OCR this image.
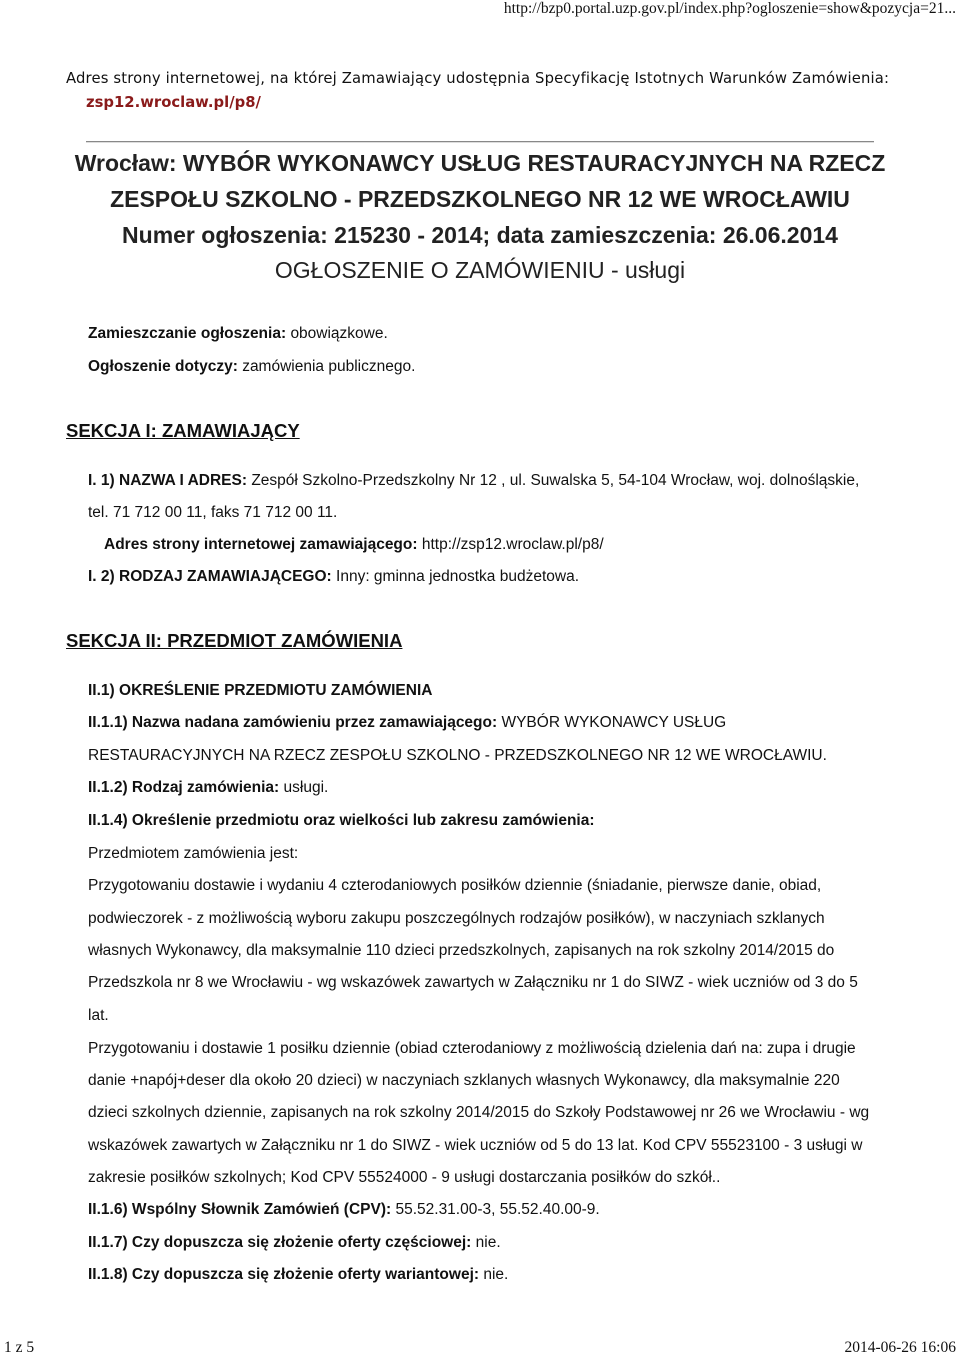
http://bzp0.portal.uzp.gov.pl/index.php?ogloszenie=show&pozycja=21...
Adres strony internetowej, na której Zamawiający udostępnia Specyfikację Istotnych Warunków Zamówienia:
zsp12.wroclaw.pl/p8/
Wrocław: WYBÓR WYKONAWCY USŁUG RESTAURACYJNYCH NA RZECZ
ZESPOŁU SZKOLNO - PRZEDSZKOLNEGO NR 12 WE WROCŁAWIU
Numer ogłoszenia: 215230 - 2014; data zamieszczenia: 26.06.2014
OGŁOSZENIE O ZAMÓWIENIU - usługi
Zamieszczanie ogłoszenia: obowiązkowe.
Ogłoszenie dotyczy: zamówienia publicznego.
SEKCJA I: ZAMAWIAJĄCY
I. 1) NAZWA I ADRES: Zespół Szkolno-Przedszkolny Nr 12 , ul. Suwalska 5, 54-104 Wrocław, woj. dolnośląskie,
tel. 71 712 00 11, faks 71 712 00 11.
Adres strony internetowej zamawiającego: http://zsp12.wroclaw.pl/p8/
I. 2) RODZAJ ZAMAWIAJĄCEGO: Inny: gminna jednostka budżetowa.
SEKCJA II: PRZEDMIOT ZAMÓWIENIA
II.1) OKREŚLENIE PRZEDMIOTU ZAMÓWIENIA
II.1.1) Nazwa nadana zamówieniu przez zamawiającego: WYBÓR WYKONAWCY USŁUG
RESTAURACYJNYCH NA RZECZ ZESPOŁU SZKOLNO - PRZEDSZKOLNEGO NR 12 WE WROCŁAWIU.
II.1.2) Rodzaj zamówienia: usługi.
II.1.4) Określenie przedmiotu oraz wielkości lub zakresu zamówienia:
Przedmiotem zamówienia jest:
Przygotowaniu dostawie i wydaniu 4 czterodaniowych posiłków dziennie (śniadanie, pierwsze danie, obiad,
podwieczorek - z możliwością wyboru zakupu poszczególnych rodzajów posiłków), w naczyniach szklanych
własnych Wykonawcy, dla maksymalnie 110 dzieci przedszkolnych, zapisanych na rok szkolny 2014/2015 do
Przedszkola nr 8 we Wrocławiu - wg wskazówek zawartych w Załączniku nr 1 do SIWZ - wiek uczniów od 3 do 5
lat.
Przygotowaniu i dostawie 1 posiłku dziennie (obiad czterodaniowy z możliwością dzielenia dań na: zupa i drugie
danie +napój+deser dla około 20 dzieci) w naczyniach szklanych własnych Wykonawcy, dla maksymalnie 220
dzieci szkolnych dziennie, zapisanych na rok szkolny 2014/2015 do Szkoły Podstawowej nr 26 we Wrocławiu - wg
wskazówek zawartych w Załączniku nr 1 do SIWZ - wiek uczniów od 5 do 13 lat. Kod CPV 55523100 - 3 usługi w
zakresie posiłków szkolnych; Kod CPV 55524000 - 9 usługi dostarczania posiłków do szkół..
II.1.6) Wspólny Słownik Zamówień (CPV): 55.52.31.00-3, 55.52.40.00-9.
II.1.7) Czy dopuszcza się złożenie oferty częściowej: nie.
II.1.8) Czy dopuszcza się złożenie oferty wariantowej: nie.
1 z 5	2014-06-26 16:06
